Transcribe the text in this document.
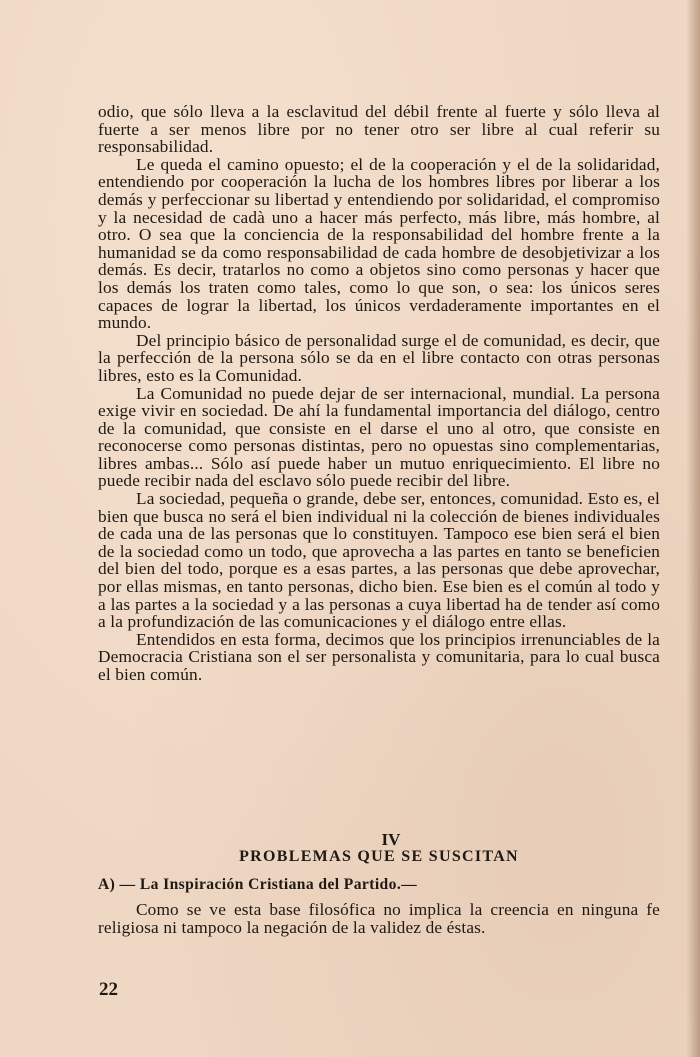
odio, que sólo lleva a la esclavitud del débil frente al fuerte y sólo lleva al fuerte a ser menos libre por no tener otro ser libre al cual referir su responsabilidad.

Le queda el camino opuesto; el de la cooperación y el de la solidaridad, entendiendo por cooperación la lucha de los hombres libres por liberar a los demás y perfeccionar su libertad y entendiendo por solidaridad, el compromiso y la necesidad de cadà uno a hacer más perfecto, más libre, más hombre, al otro. O sea que la conciencia de la responsabilidad del hombre frente a la humanidad se da como responsabilidad de cada hombre de desobjetivizar a los demás. Es decir, tratarlos no como a objetos sino como personas y hacer que los demás los traten como tales, como lo que son, o sea: los únicos seres capaces de lograr la libertad, los únicos verdaderamente importantes en el mundo.

Del principio básico de personalidad surge el de comunidad, es decir, que la perfección de la persona sólo se da en el libre contacto con otras personas libres, esto es la Comunidad.

La Comunidad no puede dejar de ser internacional, mundial. La persona exige vivir en sociedad. De ahí la fundamental importancia del diálogo, centro de la comunidad, que consiste en el darse el uno al otro, que consiste en reconocerse como personas distintas, pero no opuestas sino complementarias, libres ambas... Sólo así puede haber un mutuo enriquecimiento. El libre no puede recibir nada del esclavo sólo puede recibir del libre.

La sociedad, pequeña o grande, debe ser, entonces, comunidad. Esto es, el bien que busca no será el bien individual ni la colección de bienes individuales de cada una de las personas que lo constituyen. Tampoco ese bien será el bien de la sociedad como un todo, que aprovecha a las partes en tanto se beneficien del bien del todo, porque es a esas partes, a las personas que debe aprovechar, por ellas mismas, en tanto personas, dicho bien. Ese bien es el común al todo y a las partes a la sociedad y a las personas a cuya libertad ha de tender así como a la profundización de las comunicaciones y el diálogo entre ellas.

Entendidos en esta forma, decimos que los principios irrenunciables de la Democracia Cristiana son el ser personalista y comunitaria, para lo cual busca el bien común.

IV
PROBLEMAS QUE SE SUSCITAN
A) — La Inspiración Cristiana del Partido.—

Como se ve esta base filosófica no implica la creencia en ninguna fe religiosa ni tampoco la negación de la validez de éstas.

22
